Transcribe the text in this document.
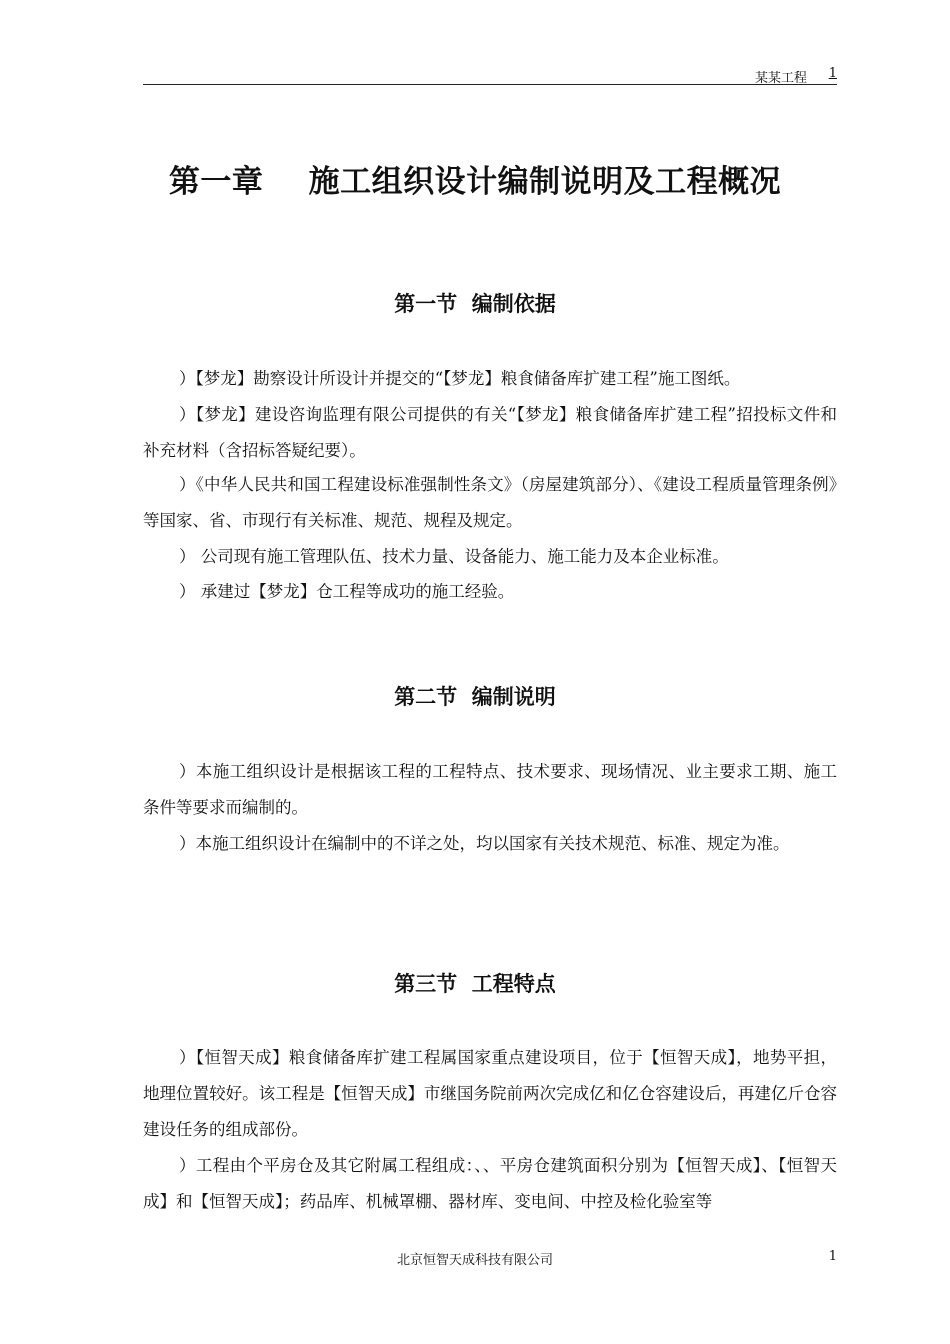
某某工程 1
第一章    施工组织设计编制说明及工程概况
第一节  编制依据

）【梦龙】勘察设计所设计并提交的“【梦龙】粮食储备库扩建工程”施工图纸。

）【梦龙】建设咨询监理有限公司提供的有关“【梦龙】粮食储备库扩建工程”招投标文件和补充材料（含招标答疑纪要）。

）《中华人民共和国工程建设标准强制性条文》（房屋建筑部分）、《建设工程质量管理条例》等国家、省、市现行有关标准、规范、规程及规定。

） 公司现有施工管理队伍、技术力量、设备能力、施工能力及本企业标准。

） 承建过【梦龙】仓工程等成功的施工经验。

第二节  编制说明

）本施工组织设计是根据该工程的工程特点、技术要求、现场情况、业主要求工期、施工条件等要求而编制的。

）本施工组织设计在编制中的不详之处，均以国家有关技术规范、标准、规定为准。

第三节  工程特点

）【恒智天成】粮食储备库扩建工程属国家重点建设项目，位于【恒智天成】，地势平担，地理位置较好。该工程是【恒智天成】市继国务院前两次完成亿和亿仓容建设后，再建亿斤仓容建设任务的组成部份。

）工程由个平房仓及其它附属工程组成：、、平房仓建筑面积分别为【恒智天成】、【恒智天成】和【恒智天成】；药品库、机械罩棚、器材库、变电间、中控及检化验室等

北京恒智天成科技有限公司	1
